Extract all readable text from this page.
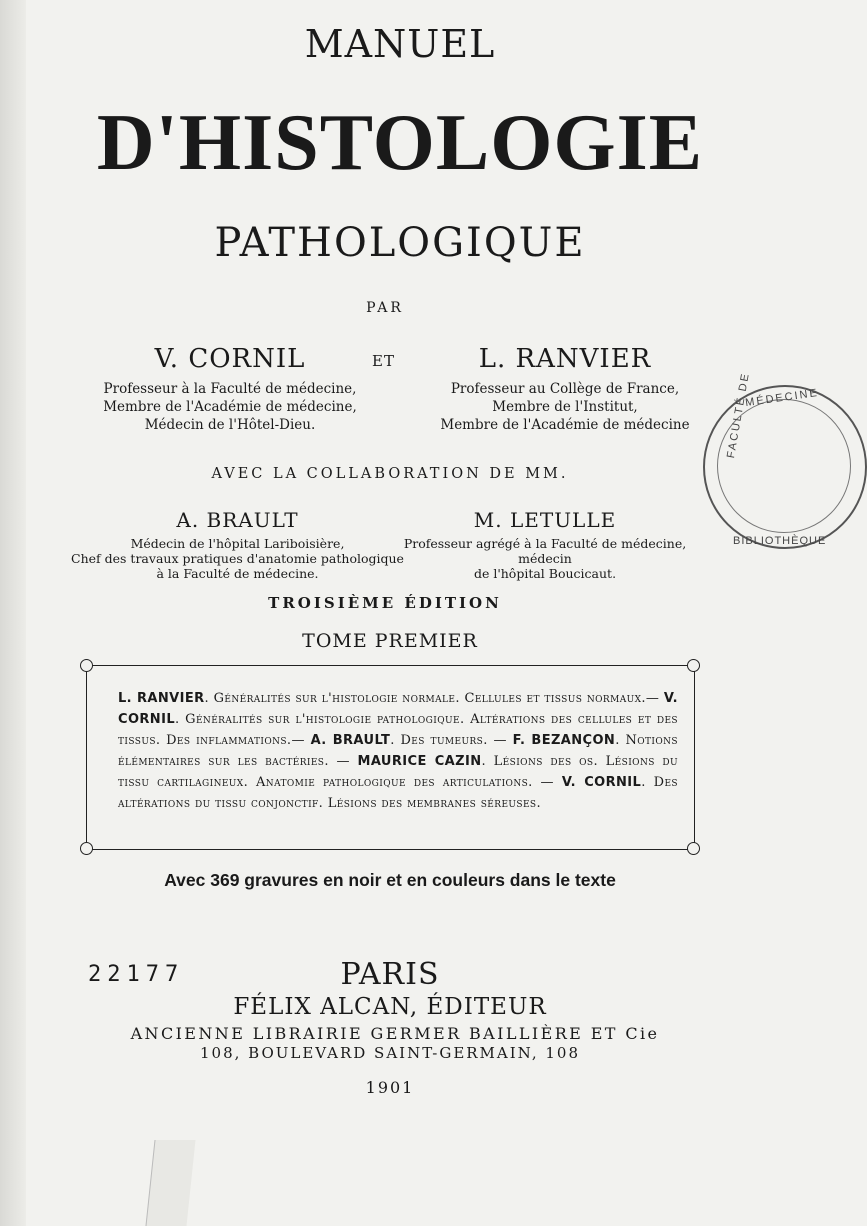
MANUEL
D'HISTOLOGIE
PATHOLOGIQUE
PAR
V. CORNIL
Professeur à la Faculté de médecine,
Membre de l'Académie de médecine,
Médecin de l'Hôtel-Dieu.
ET	L. RANVIER
Professeur au Collège de France,
Membre de l'Institut,
Membre de l'Académie de médecine
AVEC LA COLLABORATION DE MM.
A. BRAULT
Médecin de l'hôpital Lariboisière,
Chef des travaux pratiques d'anatomie pathologique
à la Faculté de médecine.
M. LETULLE
Professeur agrégé à la Faculté de médecine,
médecin
de l'hôpital Boucicaut.
TROISIÈME ÉDITION
TOME PREMIER
L. RANVIER. Généralités sur l'histologie normale. Cellules et tissus normaux.— V. CORNIL. Généralités sur l'histologie pathologique. Altérations des cellules et des tissus. Des inflammations.— A. BRAULT. Des tumeurs. — F. BEZANÇON. Notions élémentaires sur les bactéries. — MAURICE CAZIN. Lésions des os. Lésions du tissu cartilagineux. Anatomie pathologique des articulations. — V. CORNIL. Des altérations du tissu conjonctif. Lésions des membranes séreuses.
Avec 369 gravures en noir et en couleurs dans le texte
22177	PARIS
FÉLIX ALCAN, ÉDITEUR
ANCIENNE LIBRAIRIE GERMER BAILLIÈRE ET Cie
108, BOULEVARD SAINT-GERMAIN, 108
1901
FACULTÉ DE
MÉDECINE
BIBLIOTHÈQUE
